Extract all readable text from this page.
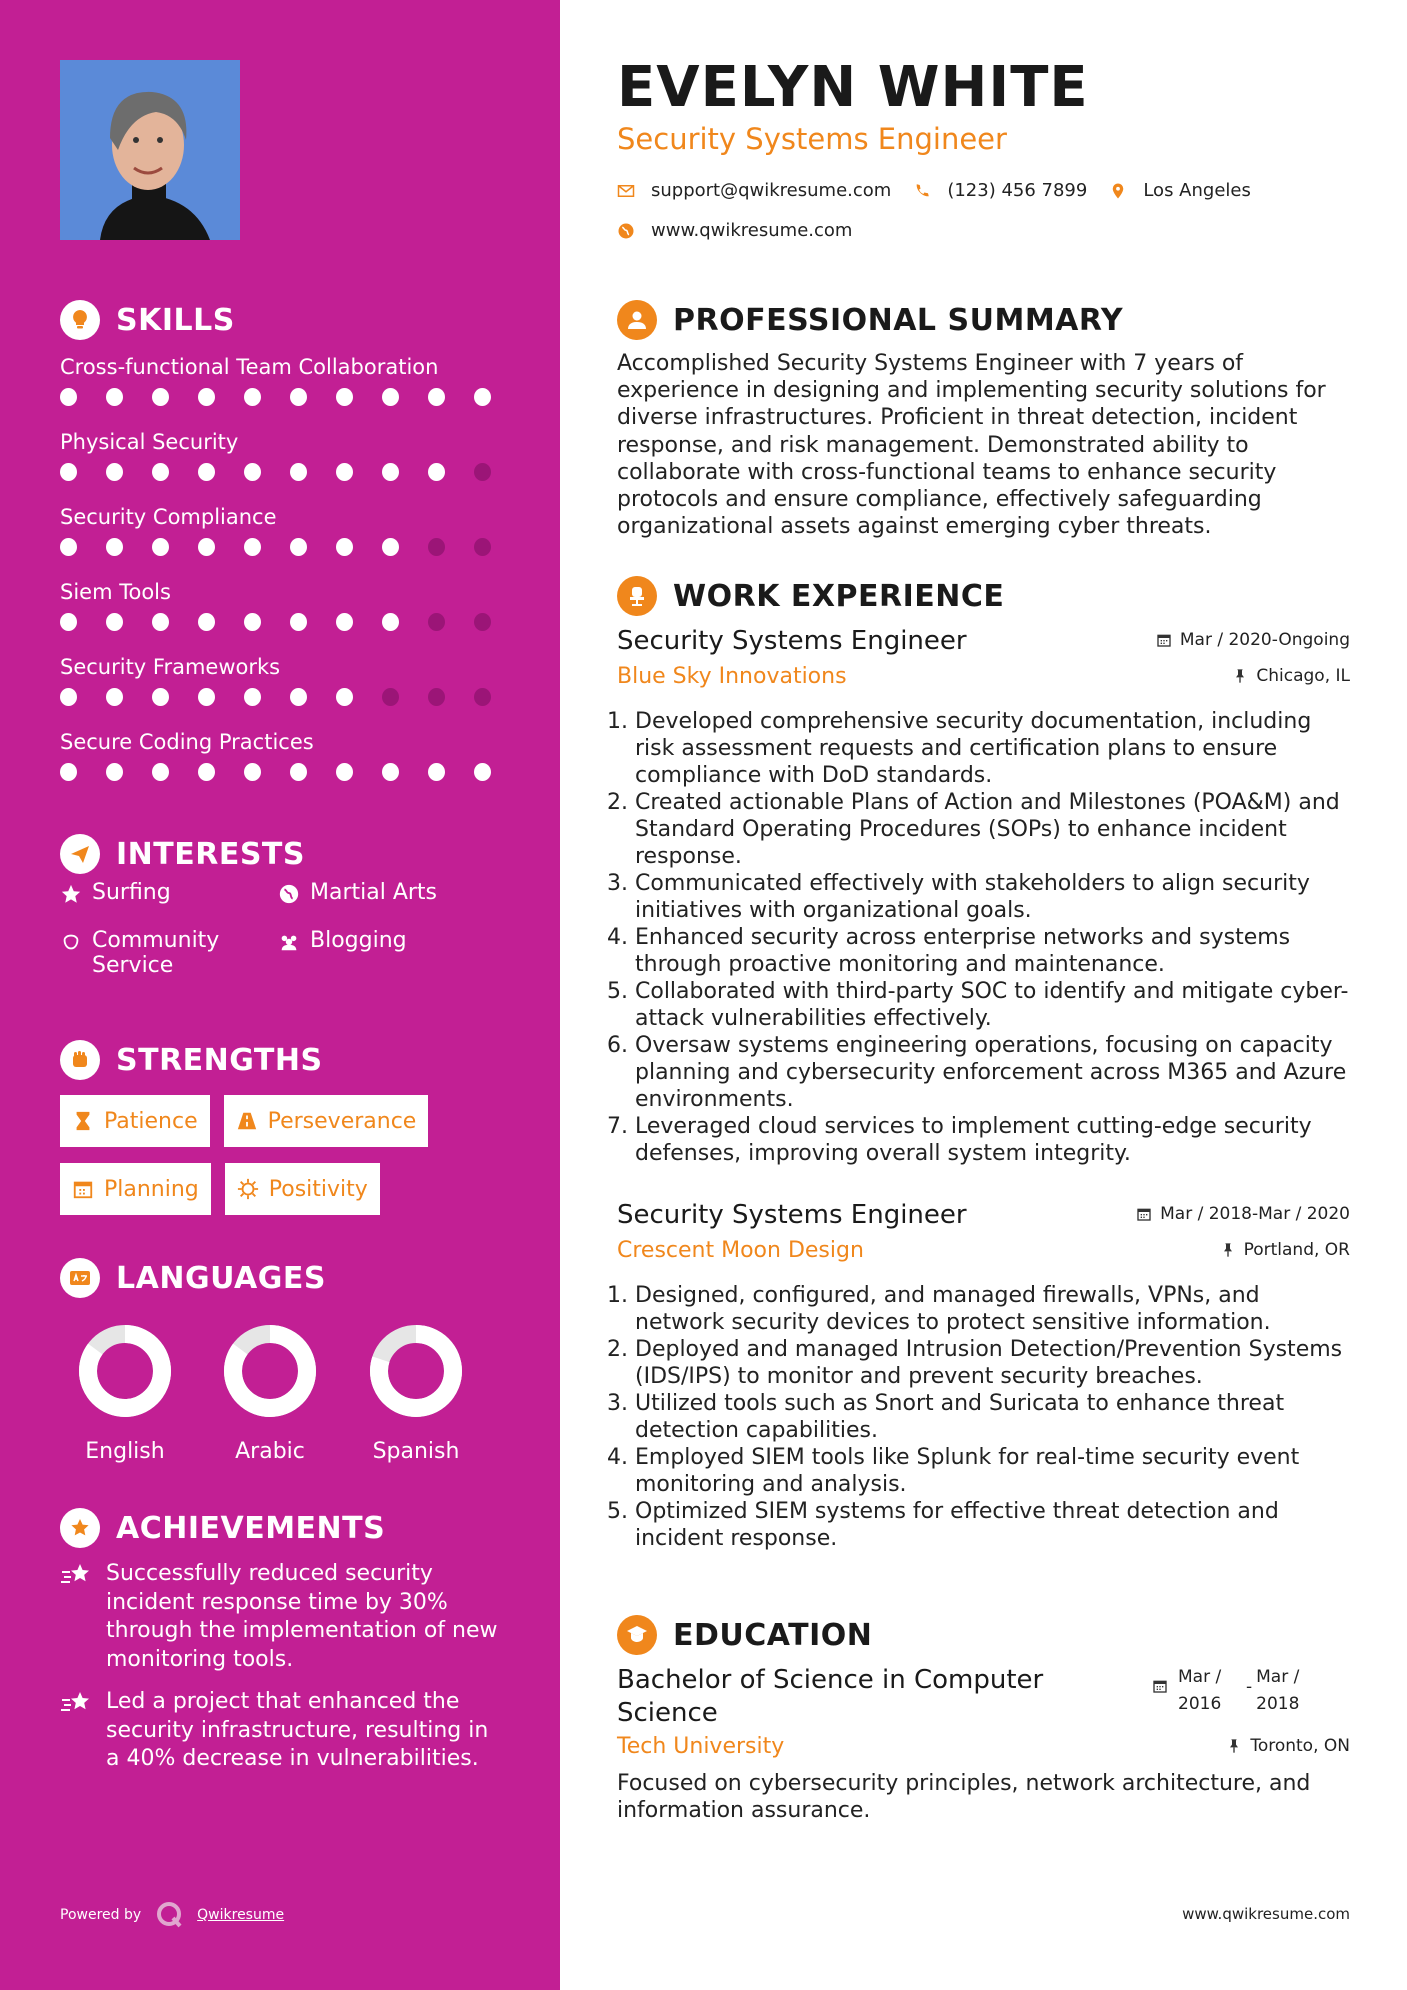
SKILLS
Cross-functional Team Collaboration
Physical Security
Security Compliance
Siem Tools
Security Frameworks
Secure Coding Practices
INTERESTS
Surfing	Martial Arts
Community Service
Blogging
STRENGTHS
Patience	Perseverance
Planning	Positivity
LANGUAGES
English	Arabic	Spanish
ACHIEVEMENTS
Successfully reduced security incident response time by 30% through the implementation of new monitoring tools.
Led a project that enhanced the security infrastructure, resulting in a 40% decrease in vulnerabilities.
Powered by	Qwikresume
EVELYN WHITE
Security Systems Engineer
support@qwikresume.com	(123) 456 7899	Los Angeles
www.qwikresume.com
PROFESSIONAL SUMMARY
Accomplished Security Systems Engineer with 7 years of experience in designing and implementing security solutions for diverse infrastructures. Proficient in threat detection, incident response, and risk management. Demonstrated ability to collaborate with cross-functional teams to enhance security protocols and ensure compliance, effectively safeguarding organizational assets against emerging cyber threats.
WORK EXPERIENCE
Security Systems Engineer	Mar / 2020-Ongoing
Blue Sky Innovations	Chicago, IL
1. Developed comprehensive security documentation, including risk assessment requests and certification plans to ensure compliance with DoD standards.
2. Created actionable Plans of Action and Milestones (POA&M) and Standard Operating Procedures (SOPs) to enhance incident response.
3. Communicated effectively with stakeholders to align security initiatives with organizational goals.
4. Enhanced security across enterprise networks and systems through proactive monitoring and maintenance.
5. Collaborated with third-party SOC to identify and mitigate cyber-attack vulnerabilities effectively.
6. Oversaw systems engineering operations, focusing on capacity planning and cybersecurity enforcement across M365 and Azure environments.
7. Leveraged cloud services to implement cutting-edge security defenses, improving overall system integrity.
Security Systems Engineer	Mar / 2018-Mar / 2020
Crescent Moon Design	Portland, OR
1. Designed, configured, and managed firewalls, VPNs, and network security devices to protect sensitive information.
2. Deployed and managed Intrusion Detection/Prevention Systems (IDS/IPS) to monitor and prevent security breaches.
3. Utilized tools such as Snort and Suricata to enhance threat detection capabilities.
4. Employed SIEM tools like Splunk for real-time security event monitoring and analysis.
5. Optimized SIEM systems for effective threat detection and incident response.
EDUCATION
Bachelor of Science in Computer Science
Mar / 2016
- Mar / 2018
Tech University	Toronto, ON
Focused on cybersecurity principles, network architecture, and information assurance.
www.qwikresume.com
